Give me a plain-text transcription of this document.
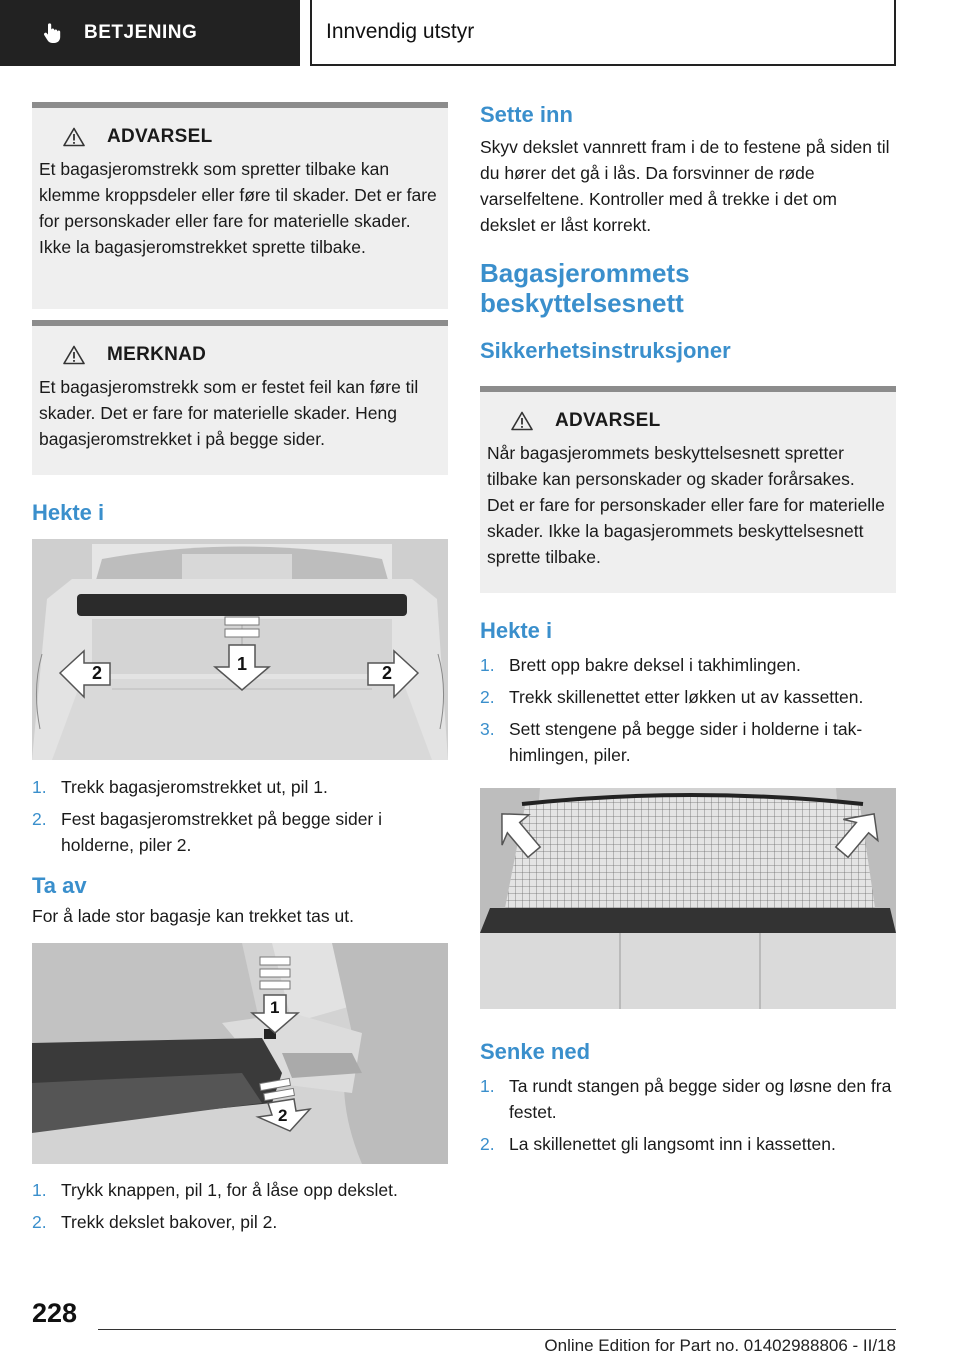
BETJENING	Innvendig utstyr
ADVARSEL

Et bagasjeromstrekk som spretter tilbake kan klemme kroppsdeler eller føre til skader. Det er fare for personskader eller fare for materielle skader. Ikke la bagasjeromstrekket sprette tilbake.

MERKNAD

Et bagasjeromstrekk som er festet feil kan føre til skader. Det er fare for materielle skader. Heng bagasjeromstrekket i på begge sider.

Hekte i
2	1	2
1. Trekk bagasjeromstrekket ut, pil 1.
2. Fest bagasjeromstrekket på begge sider i holderne, piler 2.
Ta av

For å lade stor bagasje kan trekket tas ut.

1
2
1. Trykk knappen, pil 1, for å låse opp dekslet.
2. Trekk dekslet bakover, pil 2.
Sette inn

Skyv dekslet vannrett fram i de to festene på siden til du hører det gå i lås. Da forsvinner de røde varselfeltene. Kontroller med å trekke i det om dekslet er låst korrekt.

Bagasjerommets
beskyttelsesnett
Sikkerhetsinstruksjoner
ADVARSEL

Når bagasjerommets beskyttelsesnett spretter tilbake kan personskader og skader forårsakes. Det er fare for personskader eller fare for materielle skader. Ikke la bagasjerommets beskyttelsesnett sprette tilbake.

Hekte i
1. Brett opp bakre deksel i takhimlingen.
2. Trekk skillenettet etter løkken ut av kassetten.
3. Sett stengene på begge sider i holderne i takhimlingen, piler.
Senke ned
1. Ta rundt stangen på begge sider og løsne den fra festet.
2. La skillenettet gli langsomt inn i kassetten.
228
Online Edition for Part no. 01402988806 - II/18
